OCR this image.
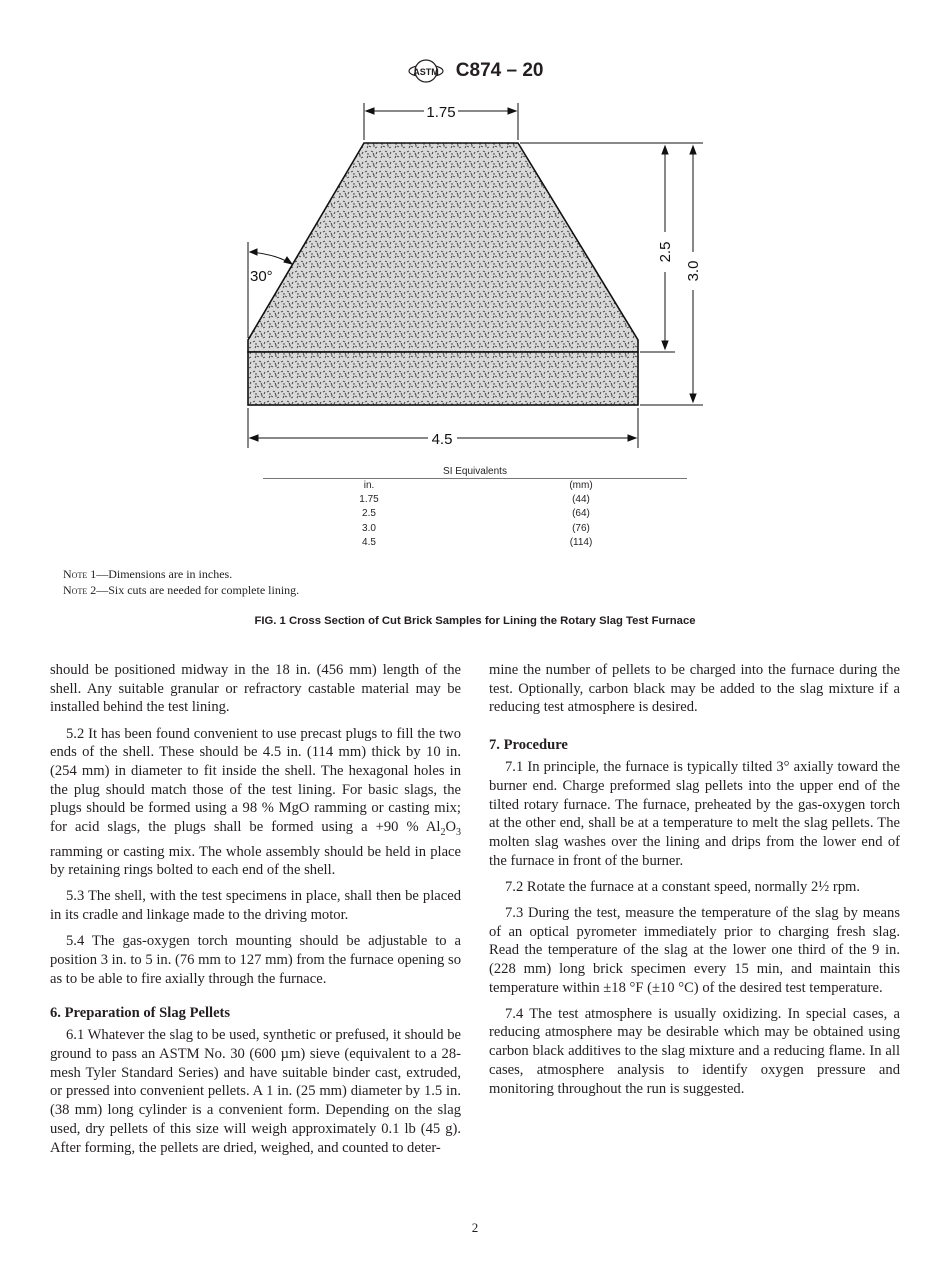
ASTM C874 – 20
1.75
4.5
30°
2.5
3.0
SI Equivalents
in.	(mm)
1.75	(44)
2.5	(64)
3.0	(76)
4.5	(114)
Note 1—Dimensions are in inches.
Note 2—Six cuts are needed for complete lining.
FIG. 1 Cross Section of Cut Brick Samples for Lining the Rotary Slag Test Furnace

should be positioned midway in the 18 in. (456 mm) length of the shell. Any suitable granular or refractory castable material may be installed behind the test lining.

5.2 It has been found convenient to use precast plugs to fill the two ends of the shell. These should be 4.5 in. (114 mm) thick by 10 in. (254 mm) in diameter to fit inside the shell. The hexagonal holes in the plug should match those of the test lining. For basic slags, the plugs should be formed using a 98 % MgO ramming or casting mix; for acid slags, the plugs shall be formed using a +90 % $Al_2O_3$ ramming or casting mix. The whole assembly should be held in place by retaining rings bolted to each end of the shell.

5.3 The shell, with the test specimens in place, shall then be placed in its cradle and linkage made to the driving motor.

5.4 The gas-oxygen torch mounting should be adjustable to a position 3 in. to 5 in. (76 mm to 127 mm) from the furnace opening so as to be able to fire axially through the furnace.

6. Preparation of Slag Pellets

6.1 Whatever the slag to be used, synthetic or prefused, it should be ground to pass an ASTM No. 30 (600 µm) sieve (equivalent to a 28-mesh Tyler Standard Series) and have suitable binder cast, extruded, or pressed into convenient pellets. A 1 in. (25 mm) diameter by 1.5 in. (38 mm) long cylinder is a convenient form. Depending on the slag used, dry pellets of this size will weigh approximately 0.1 lb (45 g). After forming, the pellets are dried, weighed, and counted to deter-

mine the number of pellets to be charged into the furnace during the test. Optionally, carbon black may be added to the slag mixture if a reducing test atmosphere is desired.

7. Procedure

7.1 In principle, the furnace is typically tilted 3° axially toward the burner end. Charge preformed slag pellets into the upper end of the tilted rotary furnace. The furnace, preheated by the gas-oxygen torch at the other end, shall be at a temperature to melt the slag pellets. The molten slag washes over the lining and drips from the lower end of the furnace in front of the burner.

7.2 Rotate the furnace at a constant speed, normally 2½ rpm.

7.3 During the test, measure the temperature of the slag by means of an optical pyrometer immediately prior to charging fresh slag. Read the temperature of the slag at the lower one third of the 9 in. (228 mm) long brick specimen every 15 min, and maintain this temperature within ±18 °F (±10 °C) of the desired test temperature.

7.4 The test atmosphere is usually oxidizing. In special cases, a reducing atmosphere may be desirable which may be obtained using carbon black additives to the slag mixture and a reducing flame. In all cases, atmosphere analysis to identify oxygen pressure and monitoring throughout the run is suggested.

2
